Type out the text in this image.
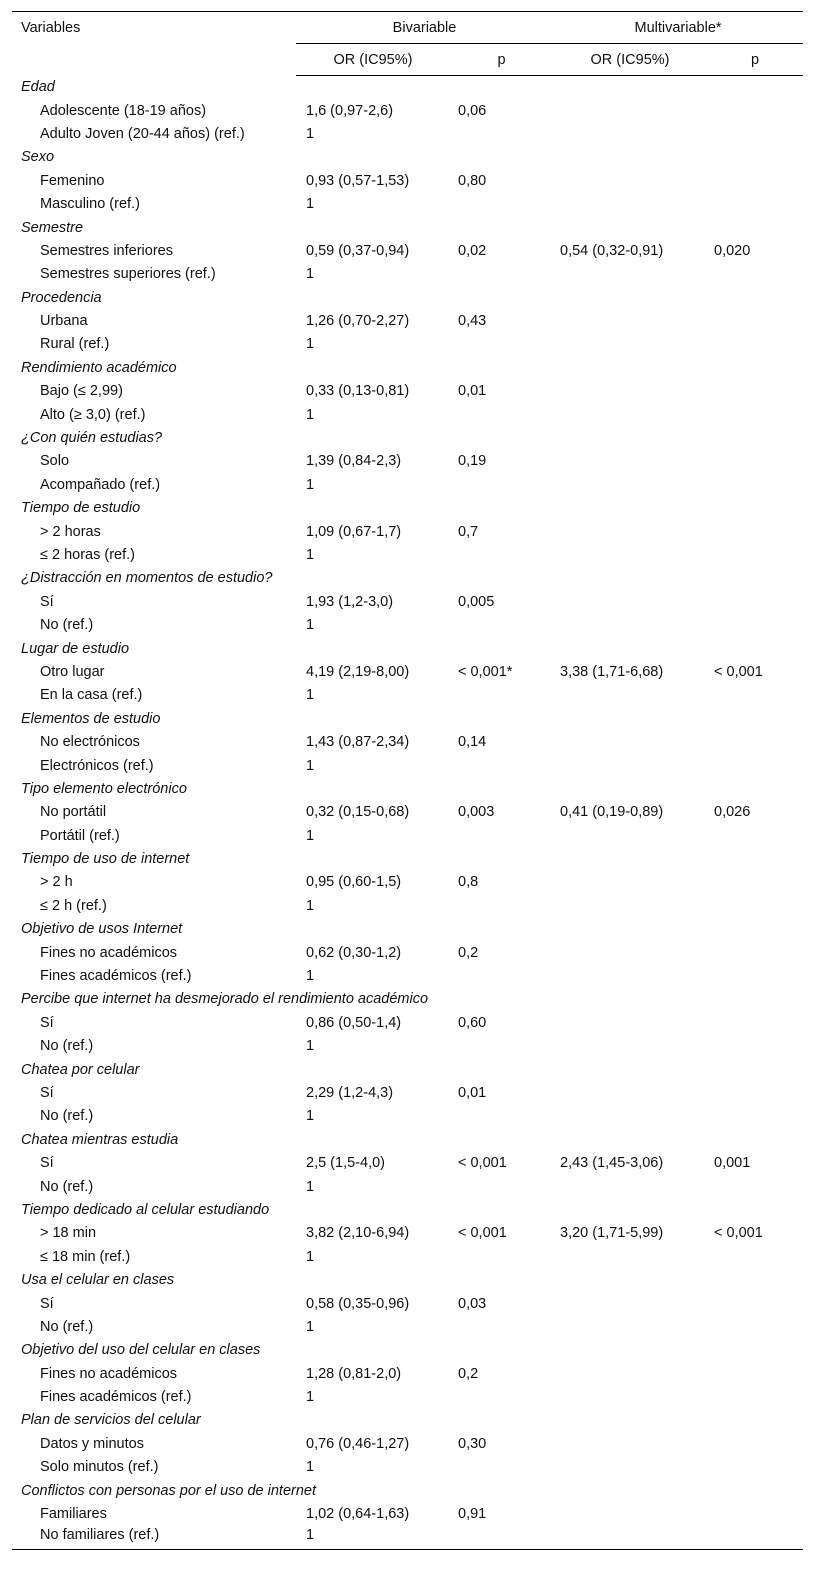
Variables	Bivariable		Multivariable*	
	OR (IC95%)	p	OR (IC95%)	p
Edad				
Adolescente (18-19 años)	1,6 (0,97-2,6)	0,06		
Adulto Joven (20-44 años) (ref.)	1			
Sexo				
Femenino	0,93 (0,57-1,53)	0,80		
Masculino (ref.)	1			
Semestre				
Semestres inferiores	0,59 (0,37-0,94)	0,02	0,54 (0,32-0,91)	0,020
Semestres superiores (ref.)	1			
Procedencia				
Urbana	1,26 (0,70-2,27)	0,43		
Rural (ref.)	1			
Rendimiento académico				
Bajo (≤ 2,99)	0,33 (0,13-0,81)	0,01		
Alto (≥ 3,0) (ref.)	1			
¿Con quién estudias?				
Solo	1,39 (0,84-2,3)	0,19		
Acompañado (ref.)	1			
Tiempo de estudio				
> 2 horas	1,09 (0,67-1,7)	0,7		
≤ 2 horas (ref.)	1			
¿Distracción en momentos de estudio?				
Sí	1,93 (1,2-3,0)	0,005		
No (ref.)	1			
Lugar de estudio				
Otro lugar	4,19 (2,19-8,00)	< 0,001*	3,38 (1,71-6,68)	< 0,001
En la casa (ref.)	1			
Elementos de estudio				
No electrónicos	1,43 (0,87-2,34)	0,14		
Electrónicos (ref.)	1			
Tipo elemento electrónico				
No portátil	0,32 (0,15-0,68)	0,003	0,41 (0,19-0,89)	0,026
Portátil (ref.)	1			
Tiempo de uso de internet				
> 2 h	0,95 (0,60-1,5)	0,8		
≤ 2 h (ref.)	1			
Objetivo de usos Internet				
Fines no académicos	0,62 (0,30-1,2)	0,2		
Fines académicos (ref.)	1			
Percibe que internet ha desmejorado el rendimiento académico				
Sí	0,86 (0,50-1,4)	0,60		
No (ref.)	1			
Chatea por celular				
Sí	2,29 (1,2-4,3)	0,01		
No (ref.)	1			
Chatea mientras estudia				
Sí	2,5 (1,5-4,0)	< 0,001	2,43 (1,45-3,06)	0,001
No (ref.)	1			
Tiempo dedicado al celular estudiando				
> 18 min	3,82 (2,10-6,94)	< 0,001	3,20 (1,71-5,99)	< 0,001
≤ 18 min (ref.)	1			
Usa el celular en clases				
Sí	0,58 (0,35-0,96)	0,03		
No (ref.)	1			
Objetivo del uso del celular en clases				
Fines no académicos	1,28 (0,81-2,0)	0,2		
Fines académicos (ref.)	1			
Plan de servicios del celular				
Datos y minutos	0,76 (0,46-1,27)	0,30		
Solo minutos (ref.)	1			
Conflictos con personas por el uso de internet				
Familiares	1,02 (0,64-1,63)	0,91		
No familiares (ref.)	1			
